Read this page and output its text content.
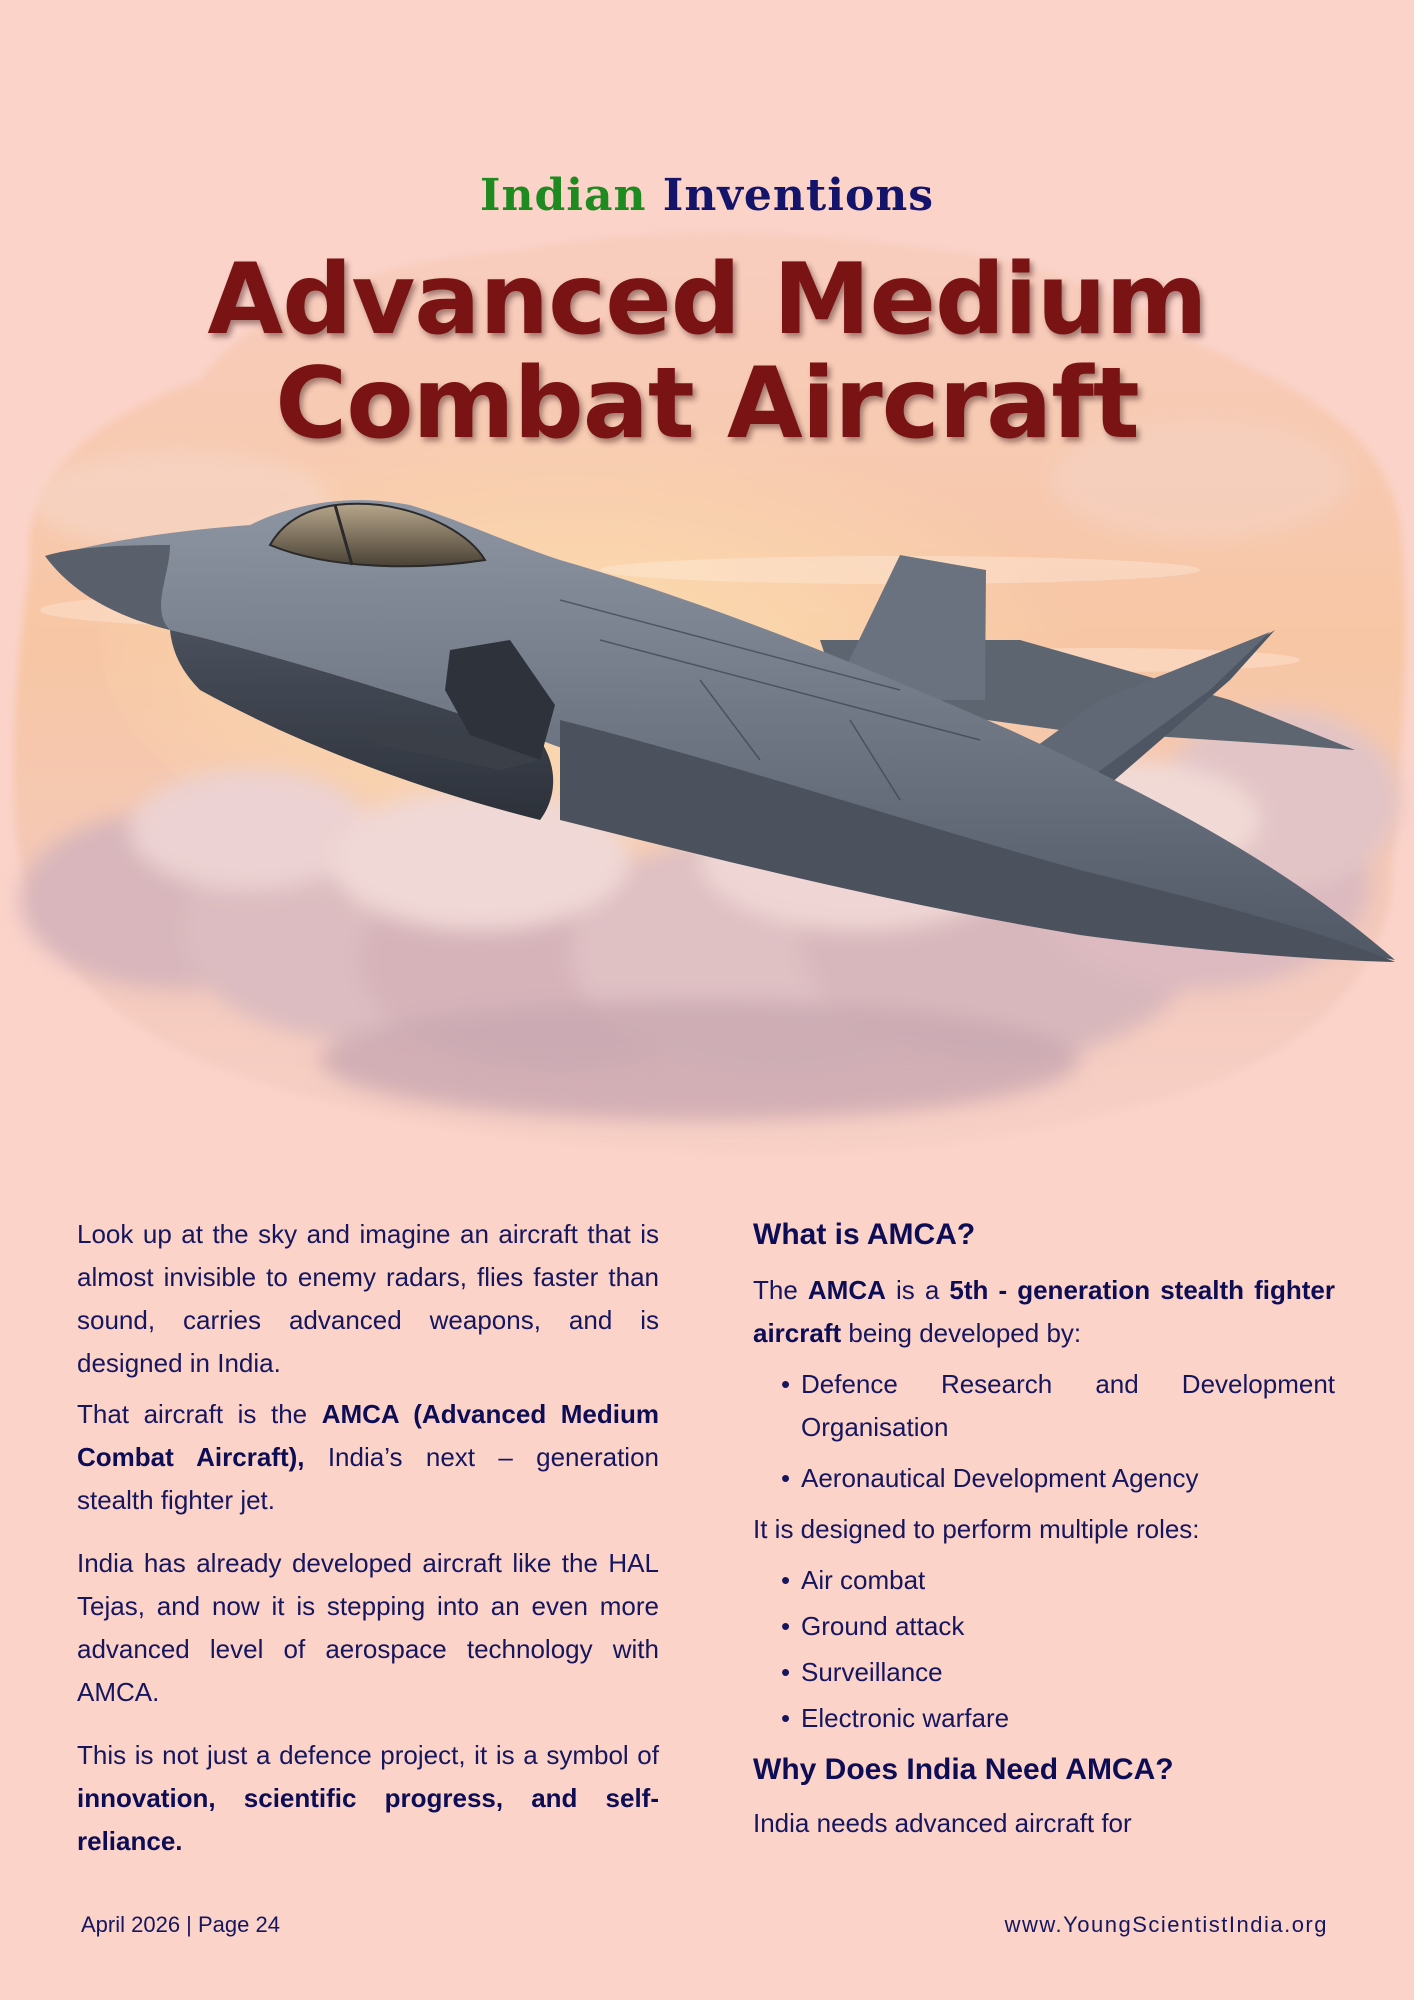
Indian Inventions
Advanced Medium
Combat Aircraft

Look up at the sky and imagine an aircraft that is almost invisible to enemy radars, flies faster than sound, carries advanced weapons, and is designed in India.

That aircraft is the AMCA (Advanced Medium Combat Aircraft), India’s next – generation stealth fighter jet.

India has already developed aircraft like the HAL Tejas, and now it is stepping into an even more advanced level of aerospace technology with AMCA.

This is not just a defence project, it is a symbol of innovation, scientific progress, and self-reliance.

What is AMCA?

The AMCA is a 5th - generation stealth fighter aircraft being developed by:

• Defence Research and Development Organisation
• Aeronautical Development Agency

It is designed to perform multiple roles:

• Air combat
• Ground attack
• Surveillance
• Electronic warfare
Why Does India Need AMCA?

India needs advanced aircraft for

April 2026 | Page 24	www.YoungScientistIndia.org
